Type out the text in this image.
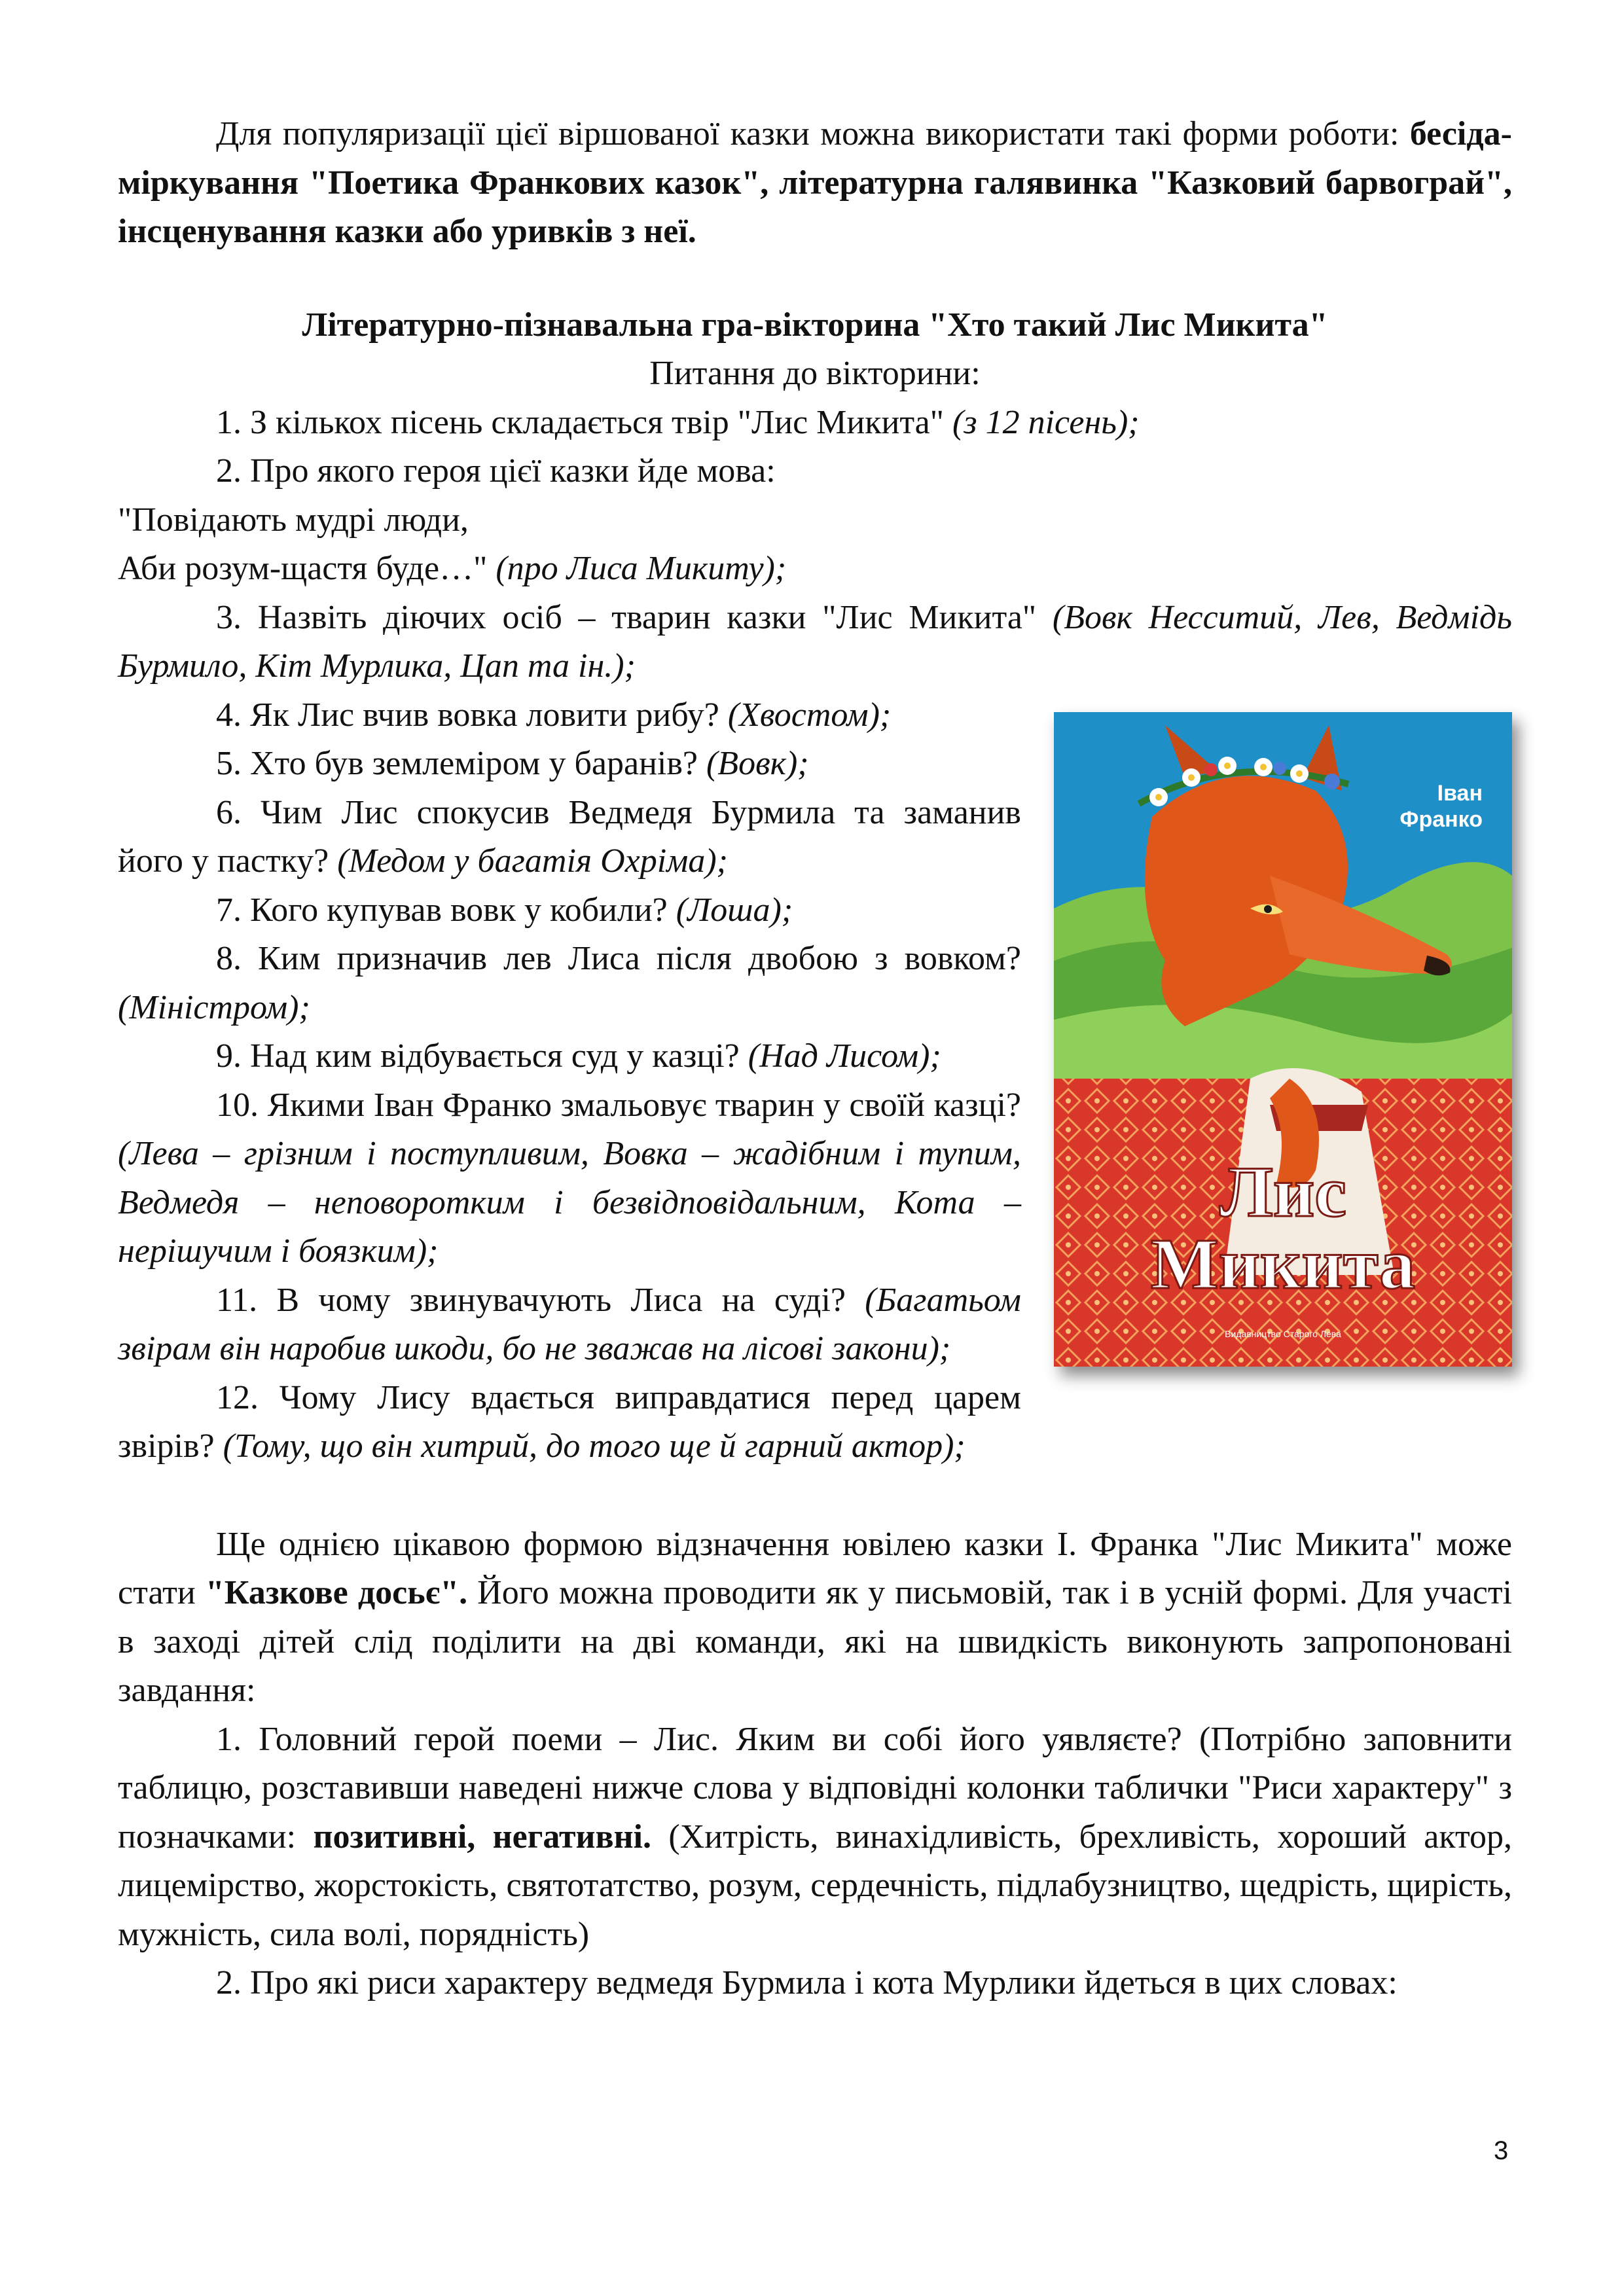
Для популяризації цієї віршованої казки можна використати такі форми роботи: бесіда-міркування "Поетика Франкових казок", літературна галявинка "Казковий барвограй", інсценування казки або уривків з неї.

Літературно-пізнавальна гра-вікторина "Хто такий Лис Микита"

Питання до вікторини:

1. З кількох пісень складається твір "Лис Микита" (з 12 пісень);

2. Про якого героя цієї казки йде мова:

"Повідають мудрі люди,

Аби розум-щастя буде…" (про Лиса Микиту);

3. Назвіть діючих осіб – тварин казки "Лис Микита" (Вовк Несситий, Лев, Ведмідь Бурмило, Кіт Мурлика, Цап та ін.);

Іван
Франко
Лис
Микита
Видавництво Старого Лева

4. Як Лис вчив вовка ловити рибу? (Хвостом);

5. Хто був землеміром у баранів? (Вовк);

6. Чим Лис спокусив Ведмедя Бурмила та заманив його у пастку? (Медом у багатія Охріма);

7. Кого купував вовк у кобили? (Лоша);

8. Ким призначив лев Лиса після двобою з вовком? (Міністром);

9. Над ким відбувається суд у казці? (Над Лисом);

10. Якими Іван Франко змальовує тварин у своїй казці? (Лева – грізним і поступливим, Вовка – жадібним і тупим, Ведмедя – неповоротким і безвідповідальним, Кота – нерішучим і боязким);

11. В чому звинувачують Лиса на суді? (Багатьом звірам він наробив шкоди, бо не зважав на лісові закони);

12. Чому Лису вдається виправдатися перед царем звірів? (Тому, що він хитрий, до того ще й гарний актор);

Ще однією цікавою формою відзначення ювілею казки І. Франка "Лис Микита" може стати "Казкове досьє". Його можна проводити як у письмовій, так і в усній формі. Для участі в заході дітей слід поділити на дві команди, які на швидкість виконують запропоновані завдання:

1. Головний герой поеми – Лис. Яким ви собі його уявляєте? (Потрібно заповнити таблицю, розставивши наведені нижче слова у відповідні колонки таблички "Риси характеру" з позначками: позитивні, негативні. (Хитрість, винахідливість, брехливість, хороший актор, лицемірство, жорстокість, святотатство, розум, сердечність, підлабузництво, щедрість, щирість, мужність, сила волі, порядність)

2. Про які риси характеру ведмедя Бурмила і кота Мурлики йдеться в цих словах:

3
